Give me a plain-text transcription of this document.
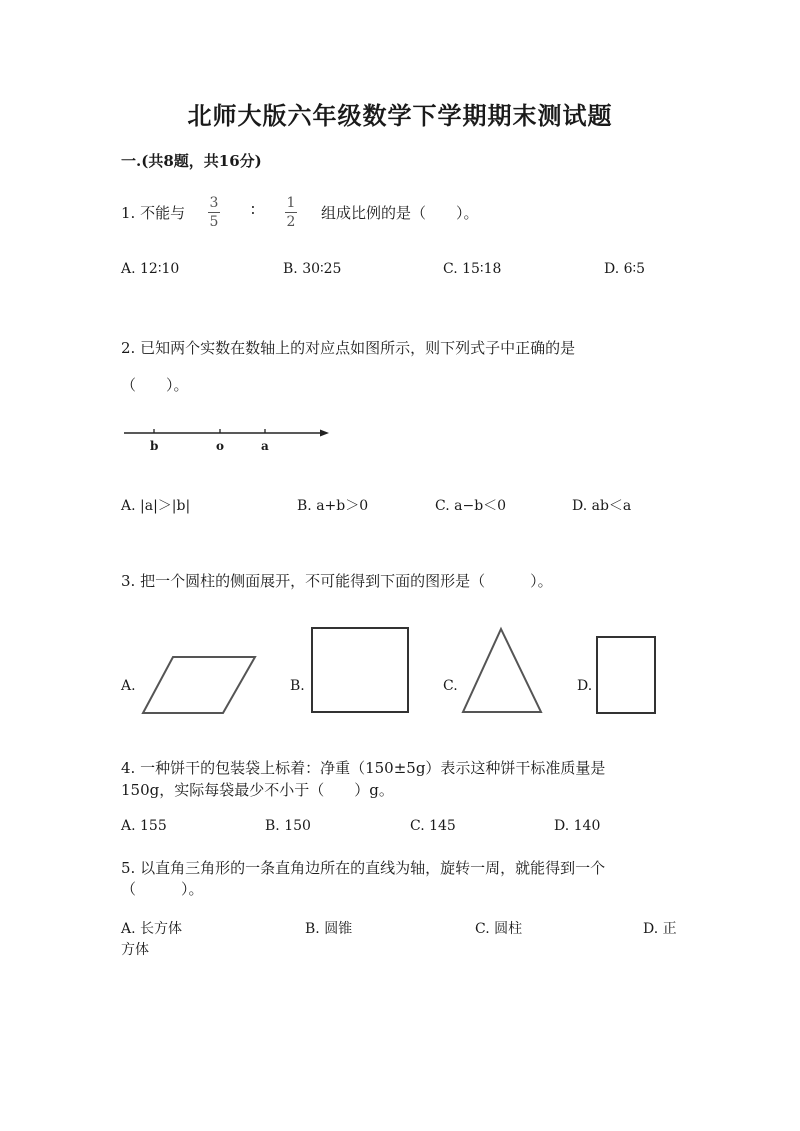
北师大版六年级数学下学期期末测试题
一.(共8题，共16分)
1. 不能与
3
5
∶ 1
2 组成比例的是（　　）。
A. 12∶10	B. 30∶25	C. 15∶18	D. 6∶5
2. 已知两个实数在数轴上的对应点如图所示，则下列式子中正确的是
（　　）。
b	o	a
A. |a|＞|b|	B. a+b＞0	C. a−b＜0	D. ab＜a
3. 把一个圆柱的侧面展开，不可能得到下面的图形是（　　　）。
A.	B.	C.	D.
4. 一种饼干的包装袋上标着：净重（150±5g）表示这种饼干标准质量是
150g，实际每袋最少不小于（　　）g。
A. 155	B. 150	C. 145	D. 140
5. 以直角三角形的一条直角边所在的直线为轴，旋转一周，就能得到一个
（　　　）。
A. 长方体	B. 圆锥	C. 圆柱	D. 正
方体
